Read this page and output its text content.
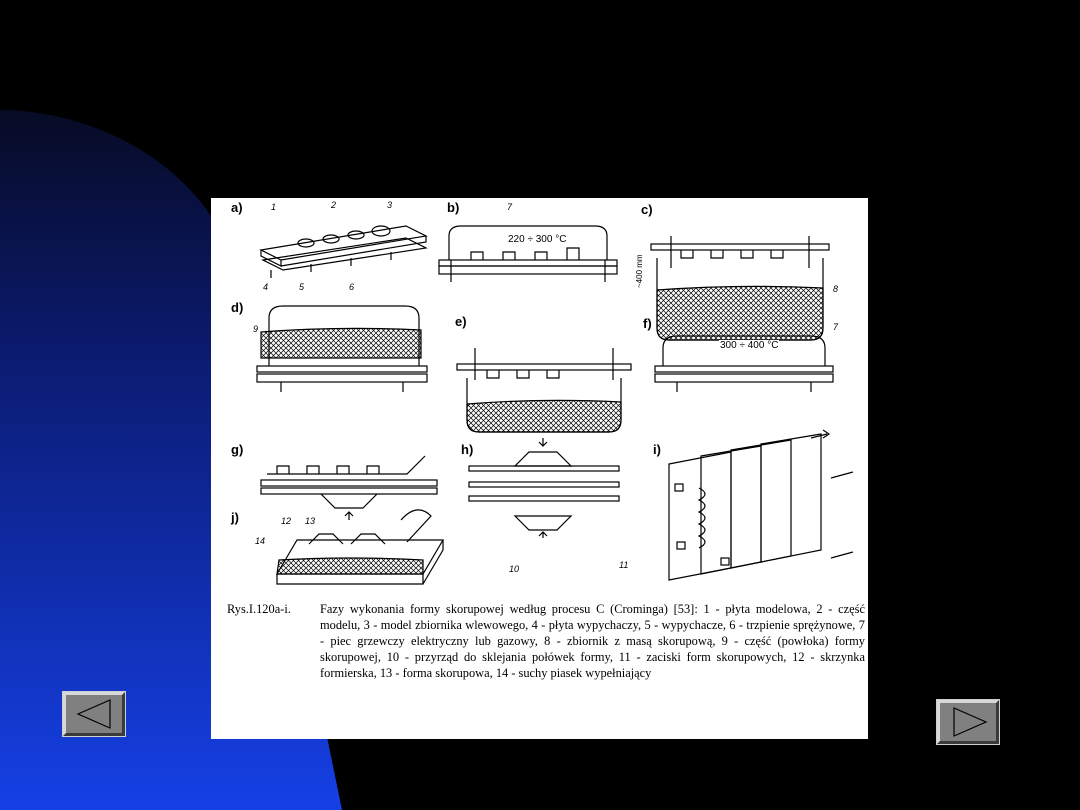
a)	b)	c)
d)
e)	f)
g)	h)	i)
j)
220 ÷ 300 °C
300 ÷ 400 °C
~400 mm
1	2	3
4	5	6
7
8
9	7
10	11
12 13
14
Rys.I.120a-i. Fazy wykonania formy skorupowej według procesu C (Crominga) [53]: 1 - płyta modelowa, 2 - część modelu, 3 - model zbiornika wlewowego, 4 - płyta wypychaczy, 5 - wypychacze, 6 - trzpienie sprężynowe, 7 - piec grzewczy elektryczny lub gazowy, 8 - zbiornik z masą skorupową, 9 - część (powłoka) formy skorupowej, 10 - przyrząd do sklejania połówek formy, 11 - zaciski form skorupowych, 12 - skrzynka formierska, 13 - forma skorupowa, 14 - suchy piasek wypełniający
